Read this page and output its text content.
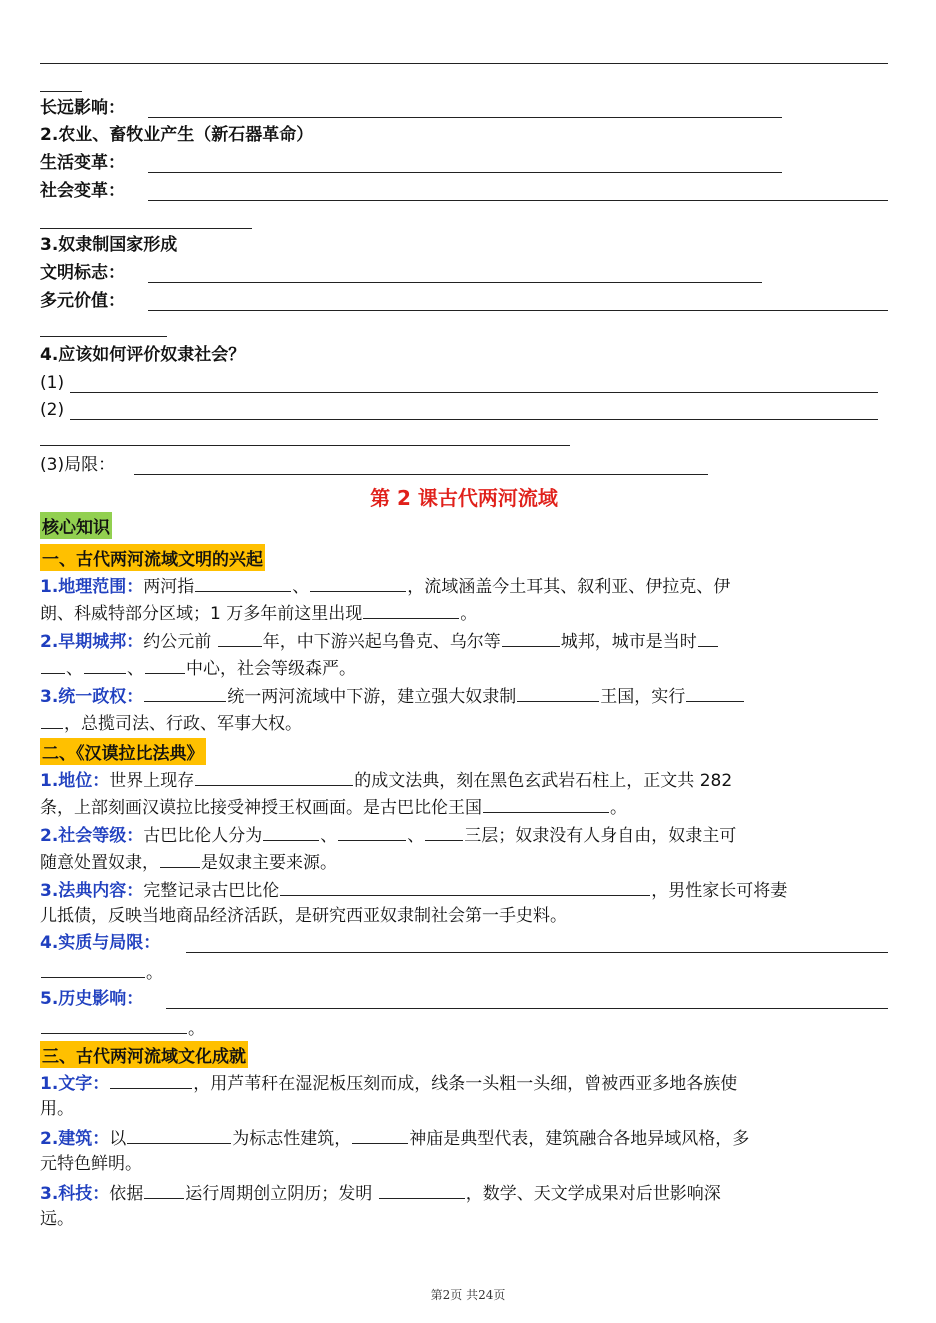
长远影响：
2.农业、畜牧业产生（新石器革命）
生活变革：
社会变革：
3.奴隶制国家形成
文明标志：
多元价值：
4.应该如何评价奴隶社会？
(1)
(2)
(3)局限：
第 2 课古代两河流域
核心知识
一、古代两河流域文明的兴起
1.地理范围：两河指	、	，流域涵盖今土耳其、叙利亚、伊拉克、伊
朗、科威特部分区域；1 万多年前这里出现	。
2.早期城邦：约公元前	年，中下游兴起乌鲁克、乌尔等	城邦，城市是当时
、	、 中心，社会等级森严。
3.统一政权：	统一两河流域中下游，建立强大奴隶制	王国，实行
，总揽司法、行政、军事大权。
二、《汉谟拉比法典》
1.地位：世界上现存	的成文法典，刻在黑色玄武岩石柱上，正文共 282
条，上部刻画汉谟拉比接受神授王权画面。是古巴比伦王国	。
2.社会等级：古巴比伦人分为	、	、 三层；奴隶没有人身自由，奴隶主可
随意处置奴隶， 是奴隶主要来源。
3.法典内容：完整记录古巴比伦	，男性家长可将妻
儿抵债，反映当地商品经济活跃，是研究西亚奴隶制社会第一手史料。
4.实质与局限：
。
5.历史影响：
。
三、古代两河流域文化成就
1.文字：	，用芦苇秆在湿泥板压刻而成，线条一头粗一头细，曾被西亚多地各族使
用。
2.建筑：以	为标志性建筑，	神庙是典型代表，建筑融合各地异域风格，多
元特色鲜明。
3.科技：依据 运行周期创立阴历；发明	，数学、天文学成果对后世影响深
远。
第2页 共24页
